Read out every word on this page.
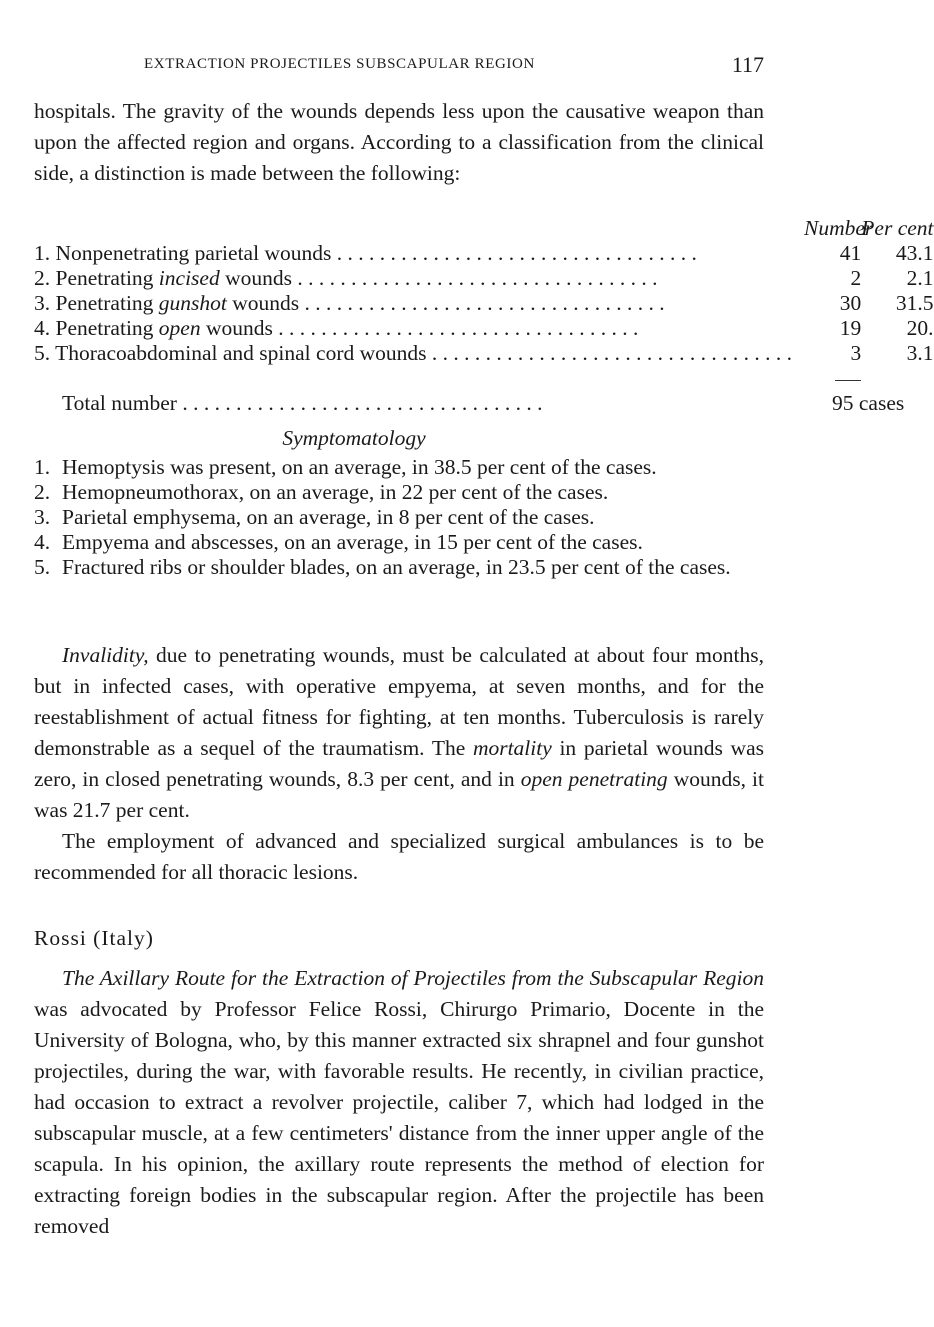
EXTRACTION PROJECTILES SUBSCAPULAR REGION	117

hospitals. The gravity of the wounds depends less upon the causative weapon than upon the affected region and organs. According to a classification from the clinical side, a distinction is made between the following:

	Number	Per cent
1. Nonpenetrating parietal wounds . . .	41	43.1
2. Penetrating incised wounds . . .	2	2.1
3. Penetrating gunshot wounds . . .	30	31.5
4. Penetrating open wounds . . .	19	20.
5. Thoracoabdominal and spinal cord wounds . . .	3	3.1

Total number . . .	95 cases	
Symptomatology
1. Hemoptysis was present, on an average, in 38.5 per cent of the cases.
2. Hemopneumothorax, on an average, in 22 per cent of the cases.
3. Parietal emphysema, on an average, in 8 per cent of the cases.
4. Empyema and abscesses, on an average, in 15 per cent of the cases.
5. Fractured ribs or shoulder blades, on an average, in 23.5 per cent of the cases.

Invalidity, due to penetrating wounds, must be calculated at about four months, but in infected cases, with operative empyema, at seven months, and for the reestablishment of actual fitness for fighting, at ten months. Tuberculosis is rarely demonstrable as a sequel of the traumatism. The mortality in parietal wounds was zero, in closed penetrating wounds, 8.3 per cent, and in open penetrating wounds, it was 21.7 per cent.

The employment of advanced and specialized surgical ambulances is to be recommended for all thoracic lesions.

Rossi (Italy)

The Axillary Route for the Extraction of Projectiles from the Subscapular Region was advocated by Professor Felice Rossi, Chirurgo Primario, Docente in the University of Bologna, who, by this manner extracted six shrapnel and four gunshot projectiles, during the war, with favorable results. He recently, in civilian practice, had occasion to extract a revolver projectile, caliber 7, which had lodged in the subscapular muscle, at a few centimeters' distance from the inner upper angle of the scapula. In his opinion, the axillary route represents the method of election for extracting foreign bodies in the subscapular region. After the projectile has been removed
